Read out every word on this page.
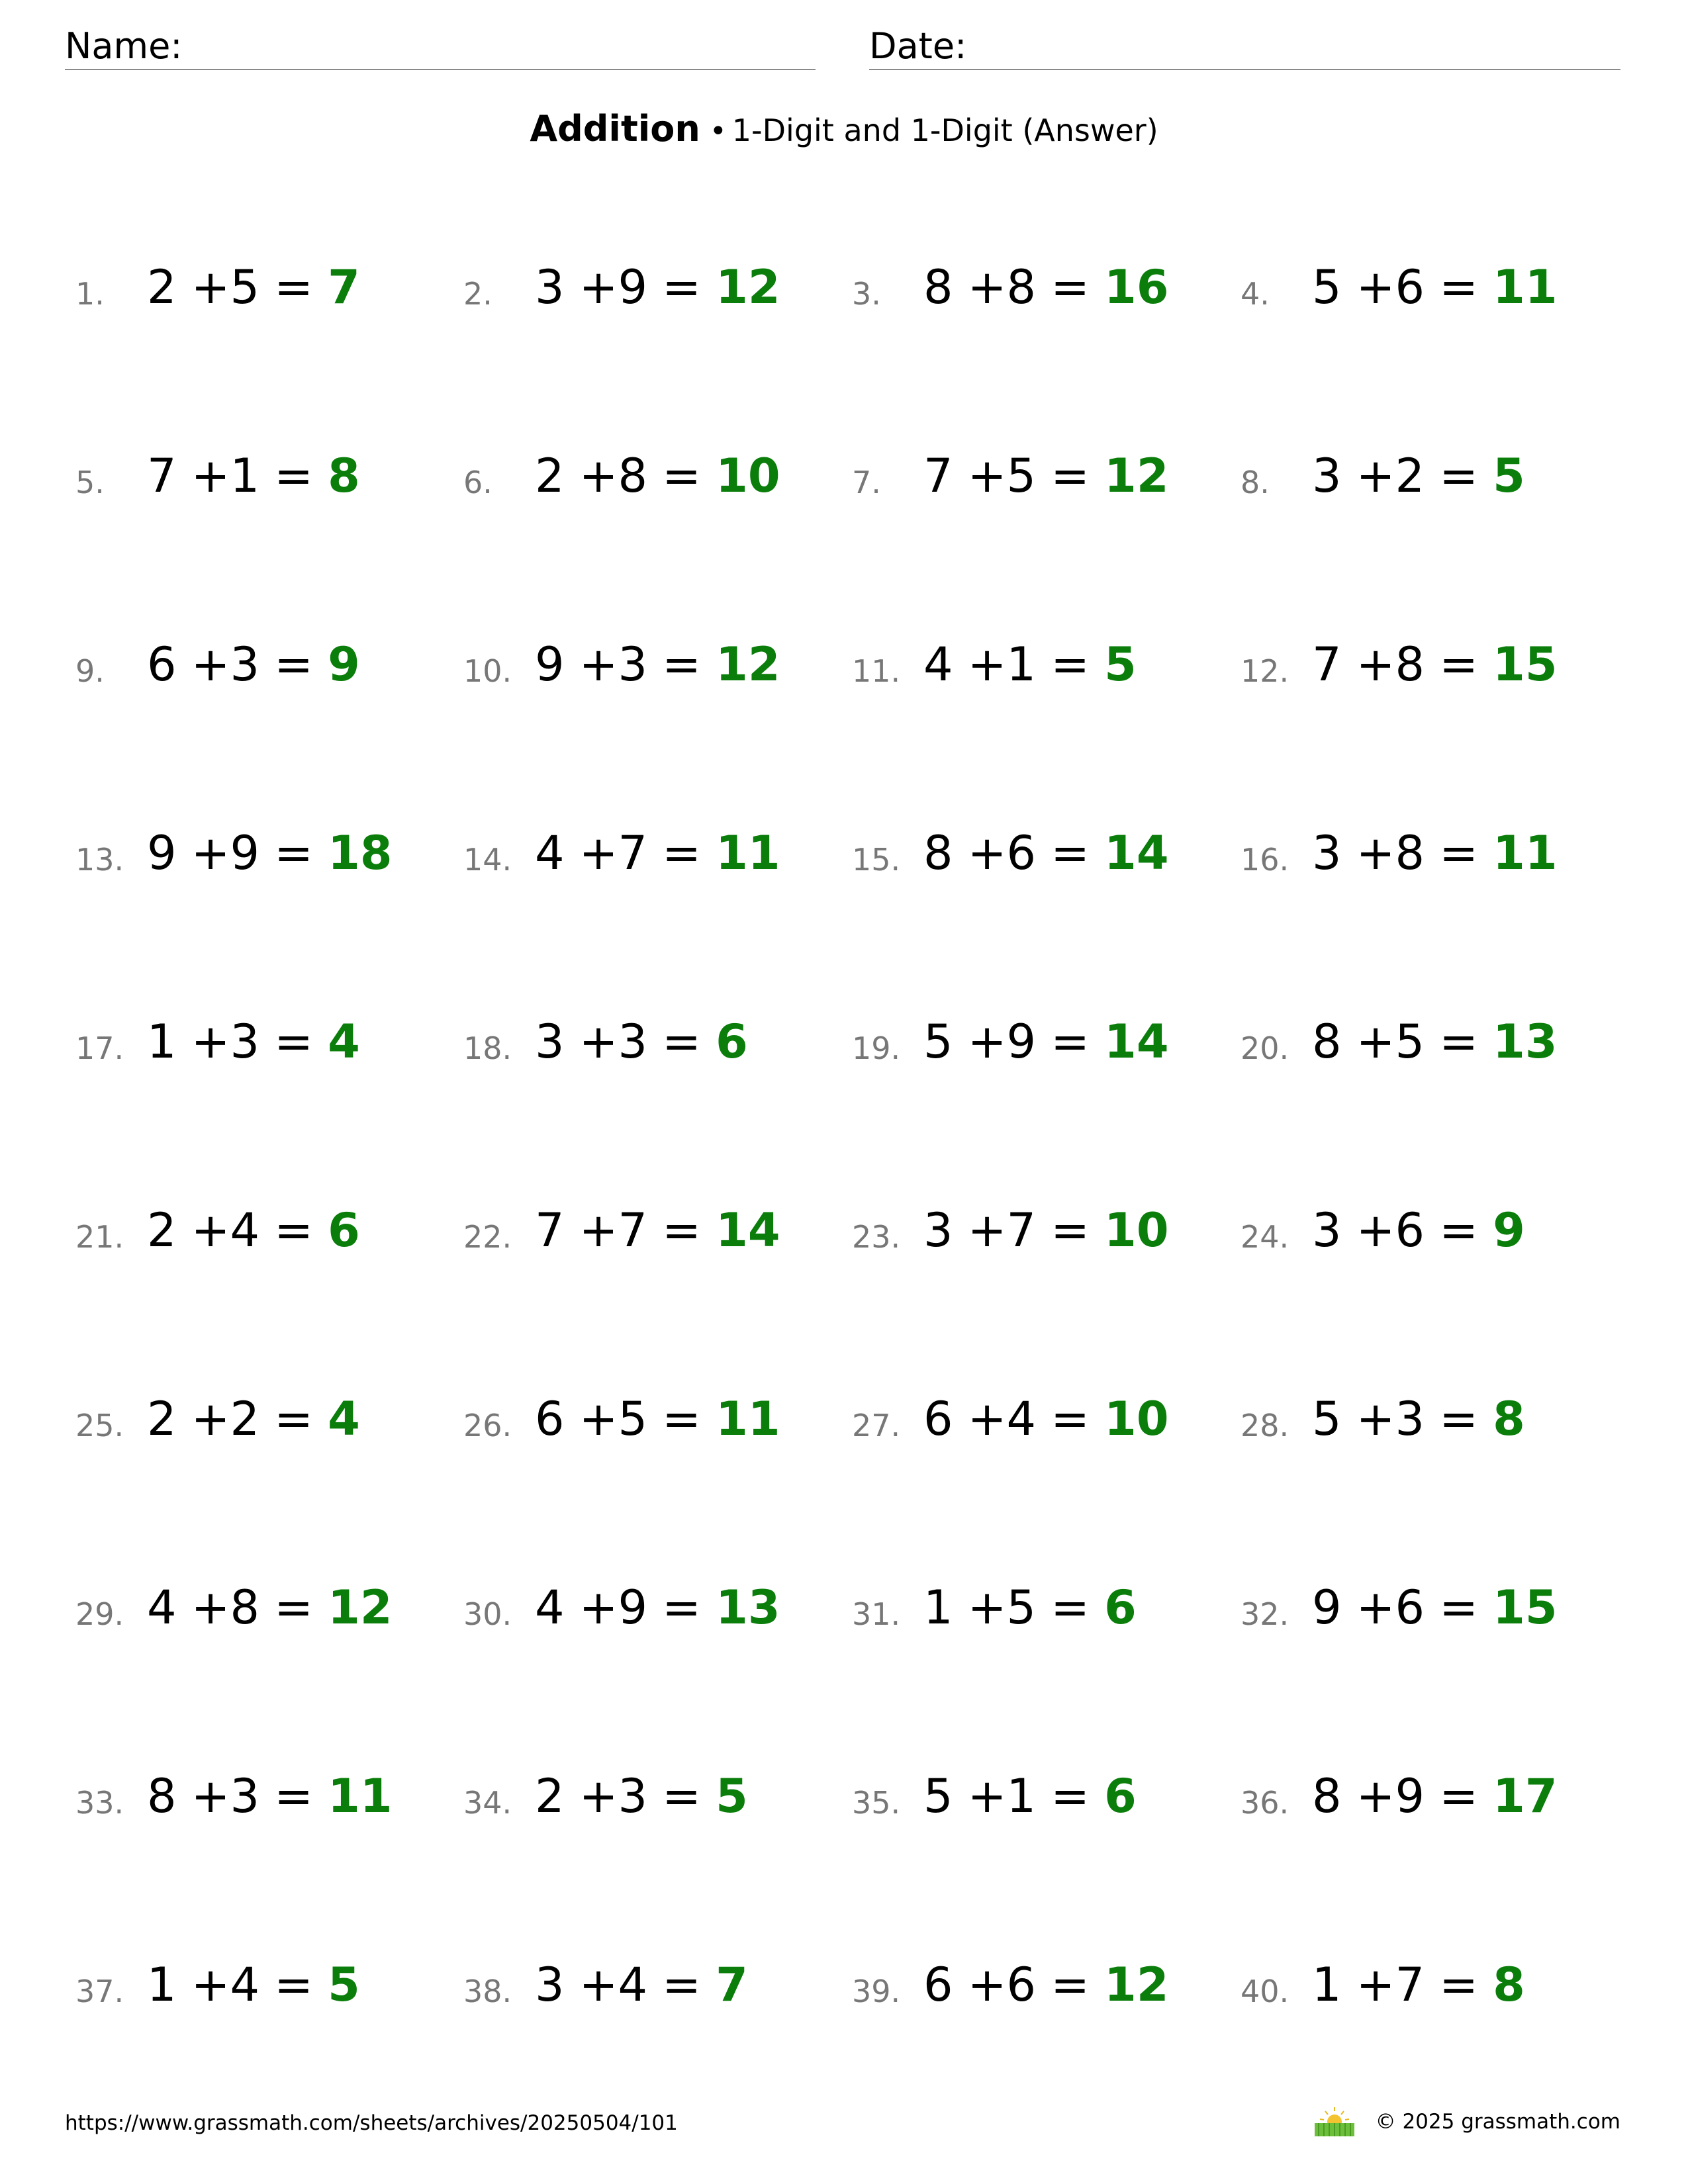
Name:	Date:
Addition • 1-Digit and 1-Digit (Answer)
1. 2 +5 = 7	2. 3 +9 = 12 3. 8 +8 = 16 4. 5 +6 = 11
5. 7 +1 = 8	6. 2 +8 = 10 7. 7 +5 = 12 8. 3 +2 = 5
9. 6 +3 = 9	10. 9 +3 = 12 11. 4 +1 = 5	12. 7 +8 = 15
13. 9 +9 = 18 14. 4 +7 = 11 15. 8 +6 = 14 16. 3 +8 = 11
17. 1 +3 = 4	18. 3 +3 = 6	19. 5 +9 = 14 20. 8 +5 = 13
21. 2 +4 = 6	22. 7 +7 = 14 23. 3 +7 = 10 24. 3 +6 = 9
25. 2 +2 = 4	26. 6 +5 = 11 27. 6 +4 = 10 28. 5 +3 = 8
29. 4 +8 = 12 30. 4 +9 = 13 31. 1 +5 = 6	32. 9 +6 = 15
33. 8 +3 = 11 34. 2 +3 = 5	35. 5 +1 = 6	36. 8 +9 = 17
37. 1 +4 = 5	38. 3 +4 = 7	39. 6 +6 = 12 40. 1 +7 = 8
https://www.grassmath.com/sheets/archives/20250504/101	© 2025 grassmath.com
